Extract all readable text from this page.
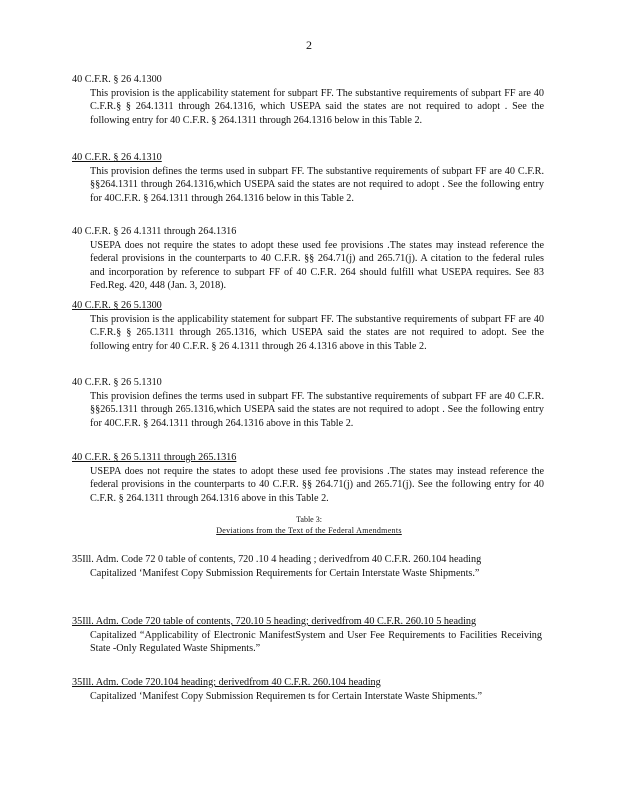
2
40 C.F.R. § 26 4.1300
This provision is the applicability statement for subpart FF. The substantive requirements of subpart FF are 40 C.F.R.§ § 264.1311 through 264.1316, which USEPA said the states are not required to adopt . See the following entry for 40 C.F.R. § 264.1311 through 264.1316 below in this Table 2.
40 C.F.R. § 26 4.1310
This provision defines the terms used in subpart FF. The substantive requirements of subpart FF are 40 C.F.R. §§264.1311 through 264.1316,which USEPA said the states are not required to adopt . See the following entry for 40C.F.R. § 264.1311 through 264.1316 below in this Table 2.
40 C.F.R. § 26 4.1311 through 264.1316
USEPA does not require the states to adopt these used fee provisions .The states may instead reference the federal provisions in the counterparts to 40 C.F.R. §§ 264.71(j) and 265.71(j). A citation to the federal rules and incorporation by reference to subpart FF of 40 C.F.R. 264 should fulfill what USEPA requires. See 83 Fed.Reg. 420, 448 (Jan. 3, 2018).
40 C.F.R. § 26 5.1300
This provision is the applicability statement for subpart FF. The substantive requirements of subpart FF are 40 C.F.R.§ § 265.1311 through 265.1316, which USEPA said the states are not required to adopt. See the following entry for 40 C.F.R. § 26 4.1311 through 26 4.1316 above in this Table 2.
40 C.F.R. § 26 5.1310
This provision defines the terms used in subpart FF. The substantive requirements of subpart FF are 40 C.F.R. §§265.1311 through 265.1316,which USEPA said the states are not required to adopt . See the following entry for 40C.F.R. § 264.1311 through 264.1316 above in this Table 2.
40 C.F.R. § 26 5.1311 through 265.1316
USEPA does not require the states to adopt these used fee provisions .The states may instead reference the federal provisions in the counterparts to 40 C.F.R. §§ 264.71(j) and 265.71(j). See the following entry for 40 C.F.R. § 264.1311 through 264.1316 above in this Table 2.
Table 3:
Deviations from the Text of the Federal Amendments
35Ill. Adm. Code 72 0 table of contents, 720 .10 4 heading ; derivedfrom 40 C.F.R. 260.104 heading
Capitalized ‘Manifest Copy Submission Requirements for Certain Interstate Waste Shipments.”
35Ill. Adm. Code 720 table of contents, 720.10 5 heading; derivedfrom 40 C.F.R. 260.10 5 heading
Capitalized “Applicability of Electronic ManifestSystem and User Fee Requirements to Facilities Receiving State -Only Regulated Waste Shipments.”
35Ill. Adm. Code 720.104 heading; derivedfrom 40 C.F.R. 260.104 heading
Capitalized ‘Manifest Copy Submission Requiremen ts for Certain Interstate Waste Shipments.”
